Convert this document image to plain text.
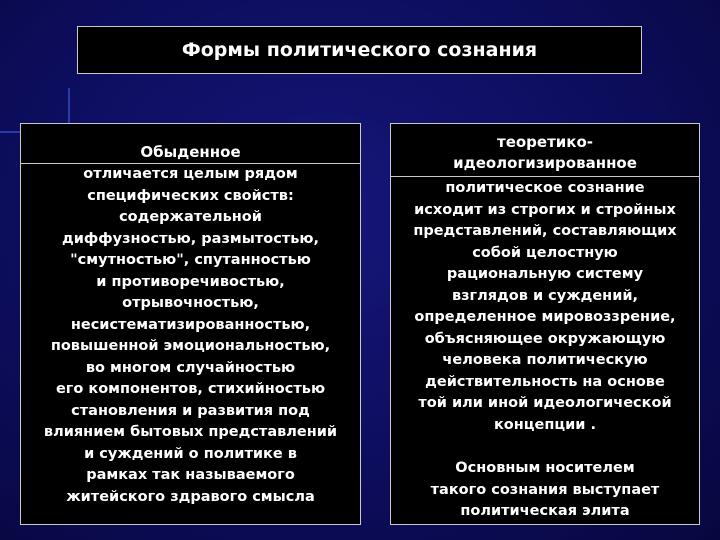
Формы политического сознания
Обыденное
отличается целым рядом
специфических свойств:
содержательной
диффузностью, размытостью,
"смутностью", спутанностью
и противоречивостью,
отрывочностью,
несистематизированностью,
повышенной эмоциональностью,
во многом случайностью
его компонентов, стихийностью
становления и развития под
влиянием бытовых представлений
и суждений о политике в
рамках так называемого
житейского здравого смысла
теоретико-
идеологизированное
политическое сознание
исходит из строгих и стройных
представлений, составляющих
собой целостную
рациональную систему
взглядов и суждений,
определенное мировоззрение,
объясняющее окружающую
человека политическую
действительность на основе
той или иной идеологической
концепции .
Основным носителем
такого сознания выступает
политическая элита
